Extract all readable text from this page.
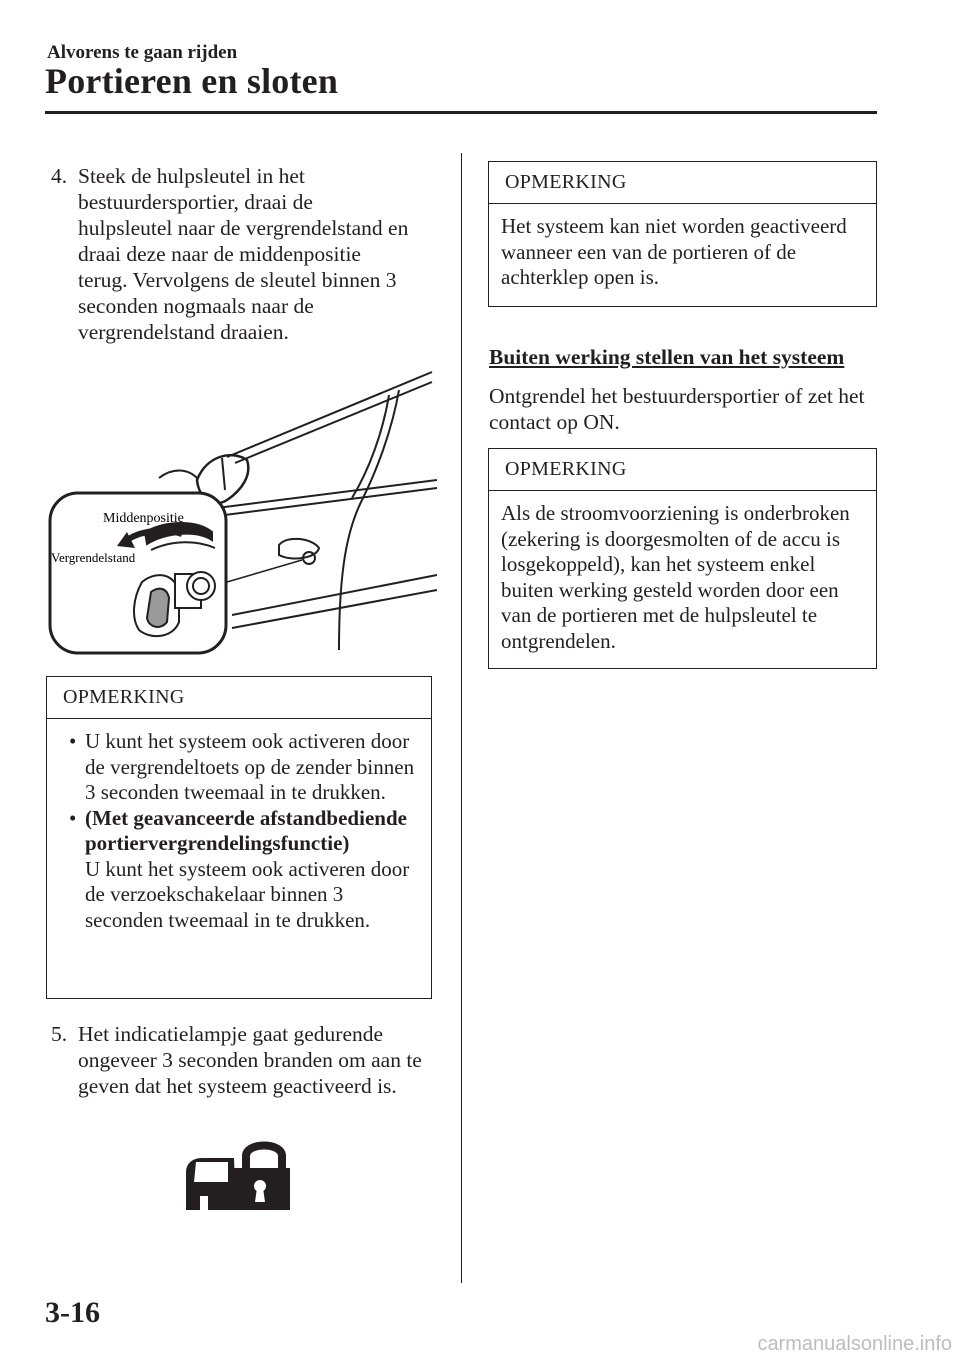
Alvorens te gaan rijden
Portieren en sloten
4. Steek de hulpsleutel in het bestuurdersportier, draai de hulpsleutel naar de vergrendelstand en draai deze naar de middenpositie terug. Vervolgens de sleutel binnen 3 seconden nogmaals naar de vergrendelstand draaien.
Middenpositie
Vergrendelstand
OPMERKING
• U kunt het systeem ook activeren door de vergrendeltoets op de zender binnen 3 seconden tweemaal in te drukken.
• (Met geavanceerde afstandbediende portiervergrendelingsfunctie)
U kunt het systeem ook activeren door de verzoekschakelaar binnen 3 seconden tweemaal in te drukken.
5. Het indicatielampje gaat gedurende ongeveer 3 seconden branden om aan te geven dat het systeem geactiveerd is.
OPMERKING
Het systeem kan niet worden geactiveerd wanneer een van de portieren of de achterklep open is.
Buiten werking stellen van het systeem
Ontgrendel het bestuurdersportier of zet het contact op ON.
OPMERKING
Als de stroomvoorziening is onderbroken (zekering is doorgesmolten of de accu is losgekoppeld), kan het systeem enkel buiten werking gesteld worden door een van de portieren met de hulpsleutel te ontgrendelen.
3-16
carmanualsonline.info
